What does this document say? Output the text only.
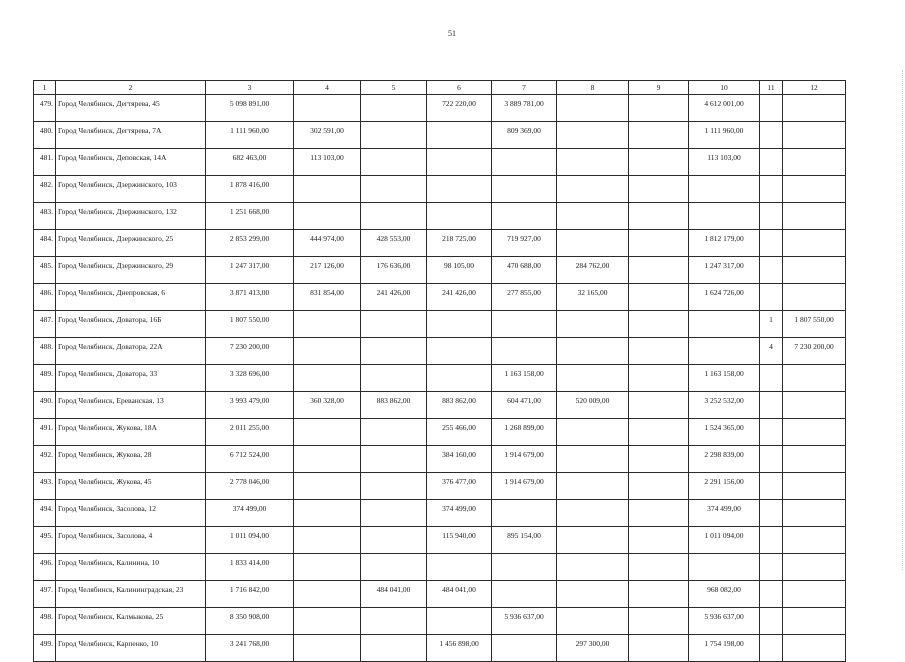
51
1	2	3	4	5	6	7	8	9	10	11	12
479.	Город Челябинск, Дегтярева, 45	5 098 891,00			722 220,00	3 889 781,00			4 612 001,00		
480.	Город Челябинск, Дегтярева, 7А	1 111 960,00	302 591,00			809 369,00			1 111 960,00		
481.	Город Челябинск, Деповская, 14А	682 463,00	113 103,00						113 103,00		
482.	Город Челябинск, Дзержинского, 103	1 878 416,00									
483.	Город Челябинск, Дзержинского, 132	1 251 668,00									
484.	Город Челябинск, Дзержинского, 25	2 853 299,00	444 974,00	428 553,00	218 725,00	719 927,00			1 812 179,00		
485.	Город Челябинск, Дзержинского, 29	1 247 317,00	217 126,00	176 636,00	98 105,00	470 688,00	284 762,00		1 247 317,00		
486.	Город Челябинск, Днепровская, 6	3 871 413,00	831 854,00	241 426,00	241 426,00	277 855,00	32 165,00		1 624 726,00		
487.	Город Челябинск, Доватора, 16Б	1 807 550,00								1	1 807 550,00
488.	Город Челябинск, Доватора, 22А	7 230 200,00								4	7 230 200,00
489.	Город Челябинск, Доватора, 33	3 328 696,00				1 163 158,00			1 163 158,00		
490.	Город Челябинск, Ереванская, 13	3 993 479,00	360 328,00	883 862,00	883 862,00	604 471,00	520 009,00		3 252 532,00		
491.	Город Челябинск, Жукова, 18А	2 011 255,00			255 466,00	1 268 899,00			1 524 365,00		
492.	Город Челябинск, Жукова, 28	6 712 524,00			384 160,00	1 914 679,00			2 298 839,00		
493.	Город Челябинск, Жукова, 45	2 778 046,00			376 477,00	1 914 679,00			2 291 156,00		
494.	Город Челябинск, Засолова, 12	374 499,00			374 499,00				374 499,00		
495.	Город Челябинск, Засолова, 4	1 011 094,00			115 940,00	895 154,00			1 011 094,00		
496.	Город Челябинск, Калинина, 10	1 833 414,00									
497.	Город Челябинск, Калининградская, 23	1 716 842,00		484 041,00	484 041,00				968 082,00		
498.	Город Челябинск, Калмыкова, 25	8 350 908,00				5 936 637,00			5 936 637,00		
499.	Город Челябинск, Карпенко, 10	3 241 768,00			1 456 898,00		297 300,00		1 754 198,00		
